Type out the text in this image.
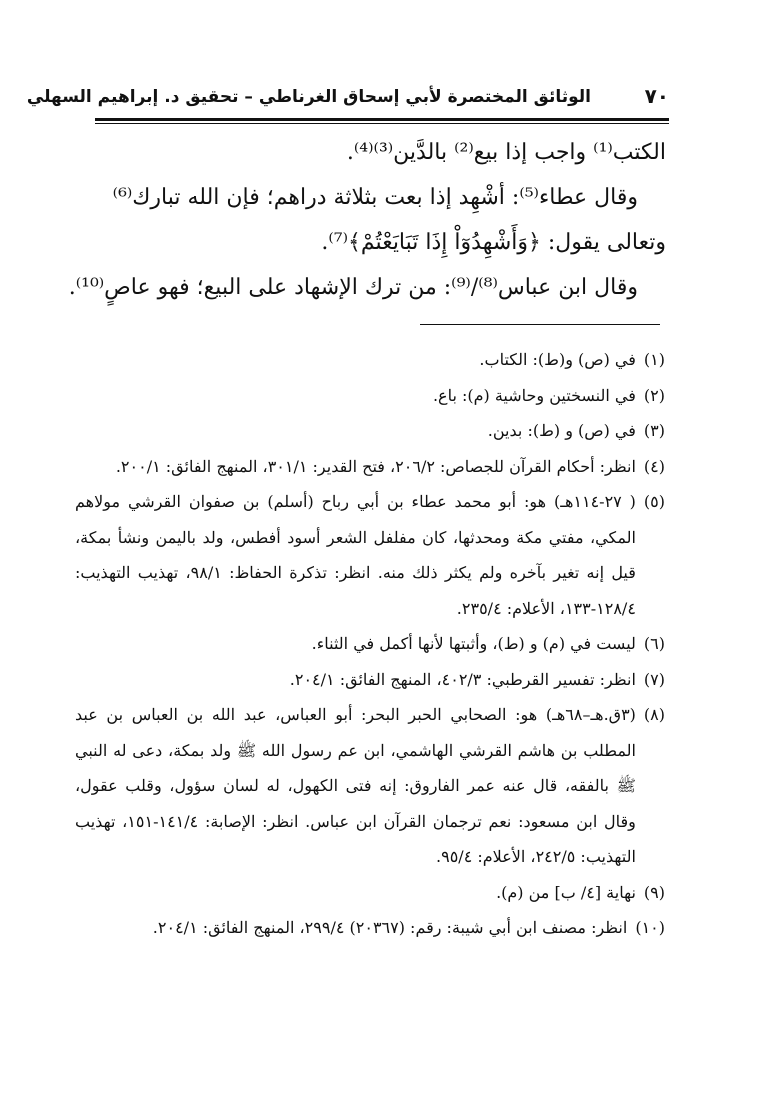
٧٠
الوثائق المختصرة لأبي إسحاق الغرناطي – تحقيق د. إبراهيم السهلي

الكتب⁽¹⁾ واجب إذا بيع⁽²⁾ بالدَّين⁽³⁾⁽⁴⁾.

وقال عطاء⁽⁵⁾: أشْهِد إذا بعت بثلاثة دراهم؛ فإن الله تبارك⁽⁶⁾

وتعالى يقول: ﴿وَأَشْهِدُوٓاْ إِذَا تَبَايَعْتُمْ﴾⁽⁷⁾.

وقال ابن عباس⁽⁸⁾/⁽⁹⁾: من ترك الإشهاد على البيع؛ فهو عاصٍ⁽¹⁰⁾.

(١)
في (ص) و(ط): الكتاب.
(٢)
في النسختين وحاشية (م): باع.
(٣)
في (ص) و (ط): بدين.
(٤)
انظر: أحكام القرآن للجصاص: ٢٠٦/٢، فتح القدير: ٣٠١/١، المنهج الفائق: ٢٠٠/١.
(٥)
( ٢٧-١١٤هـ) هو: أبو محمد عطاء بن أبي رباح (أسلم) بن صفوان القرشي مولاهم المكي، مفتي مكة ومحدثها، كان مفلفل الشعر أسود أفطس، ولد باليمن ونشأ بمكة، قيل إنه تغير بآخره ولم يكثر ذلك منه. انظر: تذكرة الحفاظ: ٩٨/١، تهذيب التهذيب: ١٢٨/٤-١٣٣، الأعلام: ٢٣٥/٤.
(٦)
ليست في (م) و (ط)، وأثبتها لأنها أكمل في الثناء.
(٧)
انظر: تفسير القرطبي: ٤٠٢/٣، المنهج الفائق: ٢٠٤/١.
(٨)
(٣ق.هـ–٦٨هـ) هو: الصحابي الحبر البحر: أبو العباس، عبد الله بن العباس بن عبد المطلب بن هاشم القرشي الهاشمي، ابن عم رسول الله ﷺ ولد بمكة، دعى له النبي ﷺ بالفقه، قال عنه عمر الفاروق: إنه فتى الكهول، له لسان سؤول، وقلب عقول، وقال ابن مسعود: نعم ترجمان القرآن ابن عباس. انظر: الإصابة: ١٤١/٤-١٥١، تهذيب التهذيب: ٢٤٢/٥، الأعلام: ٩٥/٤.
(٩)
نهاية [٤/ ب] من (م).
(١٠)
انظر: مصنف ابن أبي شيبة: رقم: (٢٠٣٦٧) ٢٩٩/٤، المنهج الفائق: ٢٠٤/١.
